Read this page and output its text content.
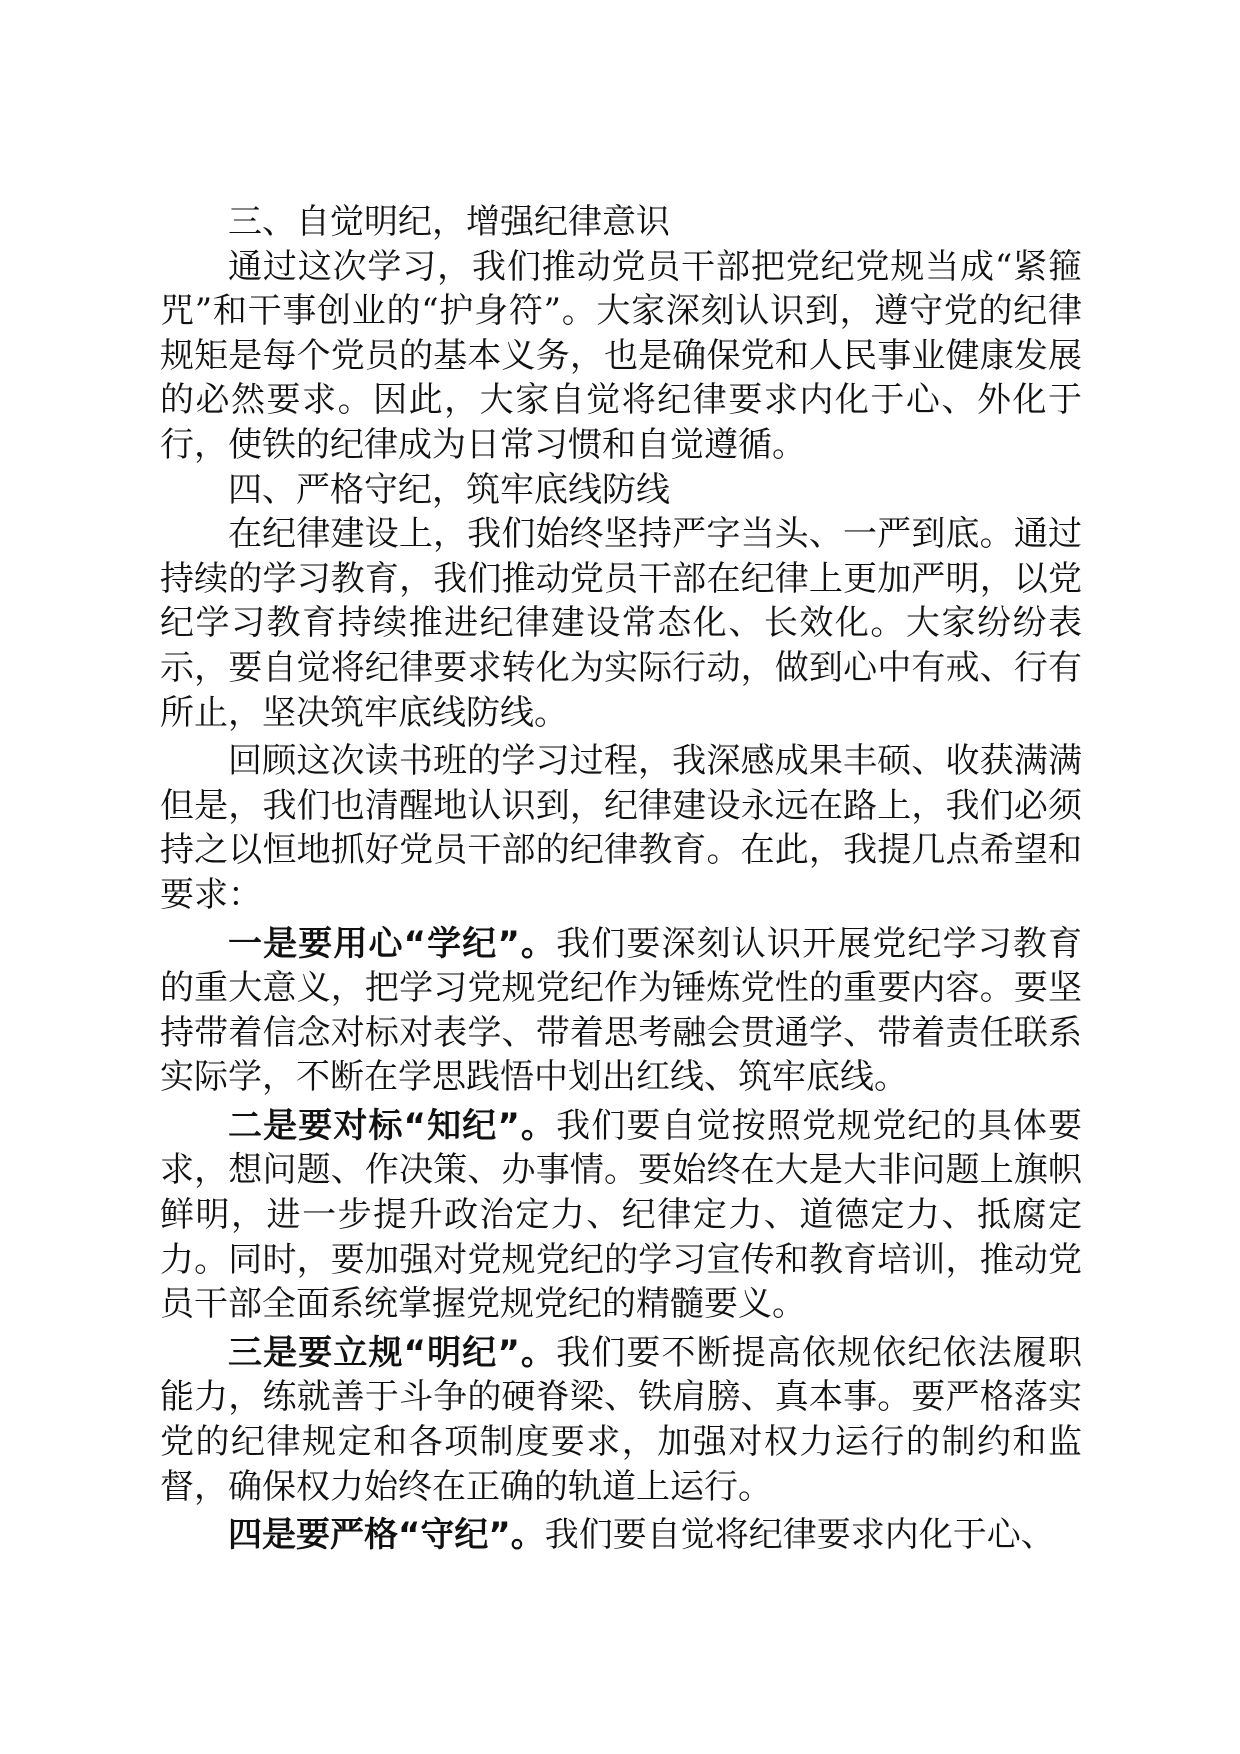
三、自觉明纪，增强纪律意识

通过这次学习，我们推动党员干部把党纪党规当成“紧箍咒”和干事创业的“护身符”。大家深刻认识到，遵守党的纪律规矩是每个党员的基本义务，也是确保党和人民事业健康发展的必然要求。因此，大家自觉将纪律要求内化于心、外化于行，使铁的纪律成为日常习惯和自觉遵循。

四、严格守纪，筑牢底线防线

在纪律建设上，我们始终坚持严字当头、一严到底。通过持续的学习教育，我们推动党员干部在纪律上更加严明，以党纪学习教育持续推进纪律建设常态化、长效化。大家纷纷表示，要自觉将纪律要求转化为实际行动，做到心中有戒、行有所止，坚决筑牢底线防线。

回顾这次读书班的学习过程，我深感成果丰硕、收获满满但是，我们也清醒地认识到，纪律建设永远在路上，我们必须持之以恒地抓好党员干部的纪律教育。在此，我提几点希望和要求：

一是要用心“学纪”。我们要深刻认识开展党纪学习教育的重大意义，把学习党规党纪作为锤炼党性的重要内容。要坚持带着信念对标对表学、带着思考融会贯通学、带着责任联系实际学，不断在学思践悟中划出红线、筑牢底线。

二是要对标“知纪”。我们要自觉按照党规党纪的具体要求，想问题、作决策、办事情。要始终在大是大非问题上旗帜鲜明，进一步提升政治定力、纪律定力、道德定力、抵腐定力。同时，要加强对党规党纪的学习宣传和教育培训，推动党员干部全面系统掌握党规党纪的精髓要义。

三是要立规“明纪”。我们要不断提高依规依纪依法履职能力，练就善于斗争的硬脊梁、铁肩膀、真本事。要严格落实党的纪律规定和各项制度要求，加强对权力运行的制约和监督，确保权力始终在正确的轨道上运行。

四是要严格“守纪”。我们要自觉将纪律要求内化于心、
